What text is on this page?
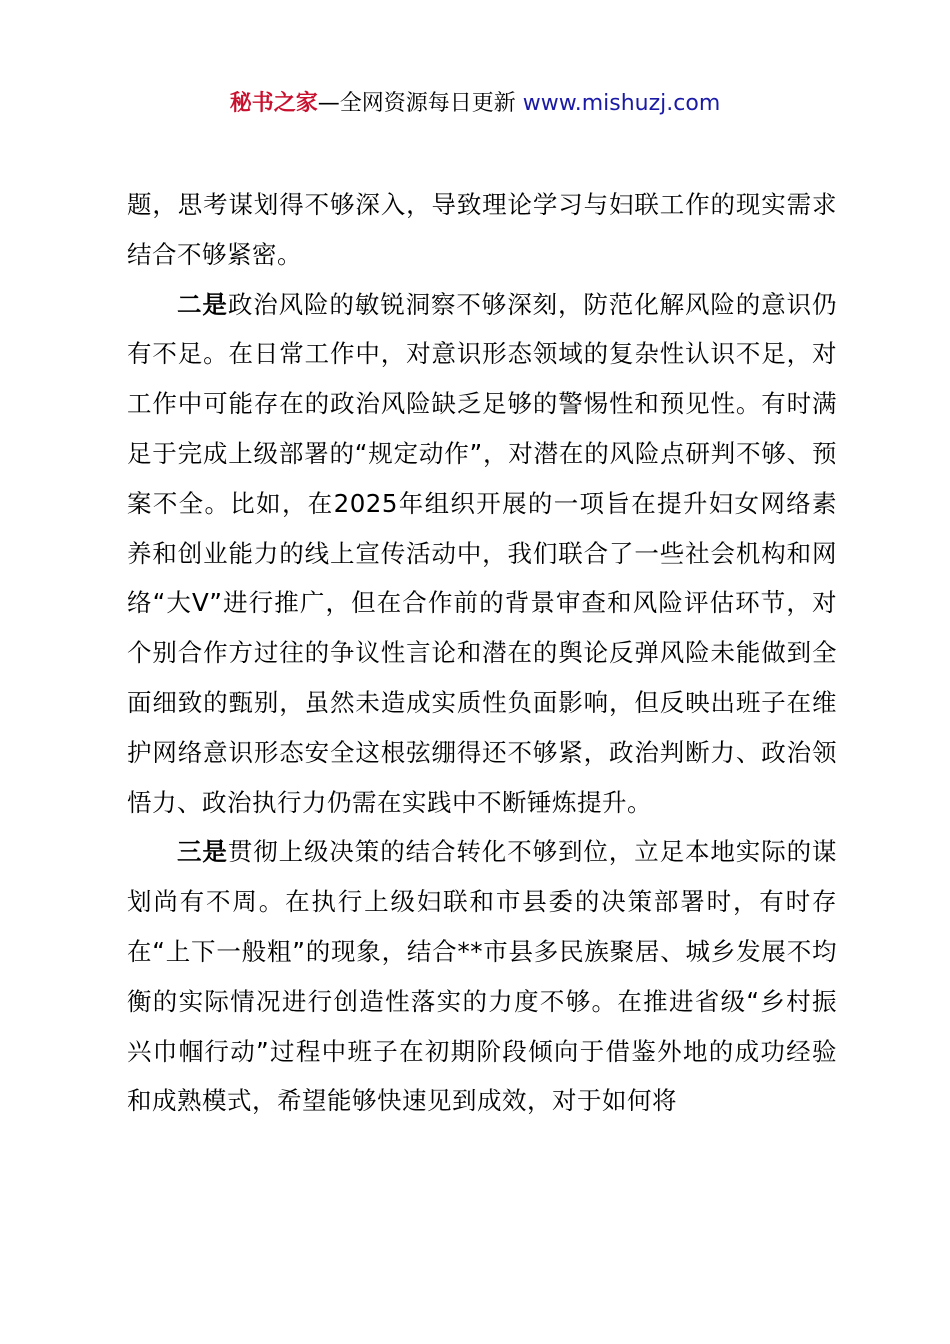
秘书之家—全网资源每日更新 www.mishuzj.com

题，思考谋划得不够深入，导致理论学习与妇联工作的现实需求结合不够紧密。

二是政治风险的敏锐洞察不够深刻，防范化解风险的意识仍有不足。在日常工作中，对意识形态领域的复杂性认识不足，对工作中可能存在的政治风险缺乏足够的警惕性和预见性。有时满足于完成上级部署的“规定动作”，对潜在的风险点研判不够、预案不全。比如，在2025年组织开展的一项旨在提升妇女网络素养和创业能力的线上宣传活动中，我们联合了一些社会机构和网络“大V”进行推广，但在合作前的背景审查和风险评估环节，对个别合作方过往的争议性言论和潜在的舆论反弹风险未能做到全面细致的甄别，虽然未造成实质性负面影响，但反映出班子在维护网络意识形态安全这根弦绷得还不够紧，政治判断力、政治领悟力、政治执行力仍需在实践中不断锤炼提升。

三是贯彻上级决策的结合转化不够到位，立足本地实际的谋划尚有不周。在执行上级妇联和市县委的决策部署时，有时存在“上下一般粗”的现象，结合**市县多民族聚居、城乡发展不均衡的实际情况进行创造性落实的力度不够。在推进省级“乡村振兴巾帼行动”过程中班子在初期阶段倾向于借鉴外地的成功经验和成熟模式，希望能够快速见到成效，对于如何将
